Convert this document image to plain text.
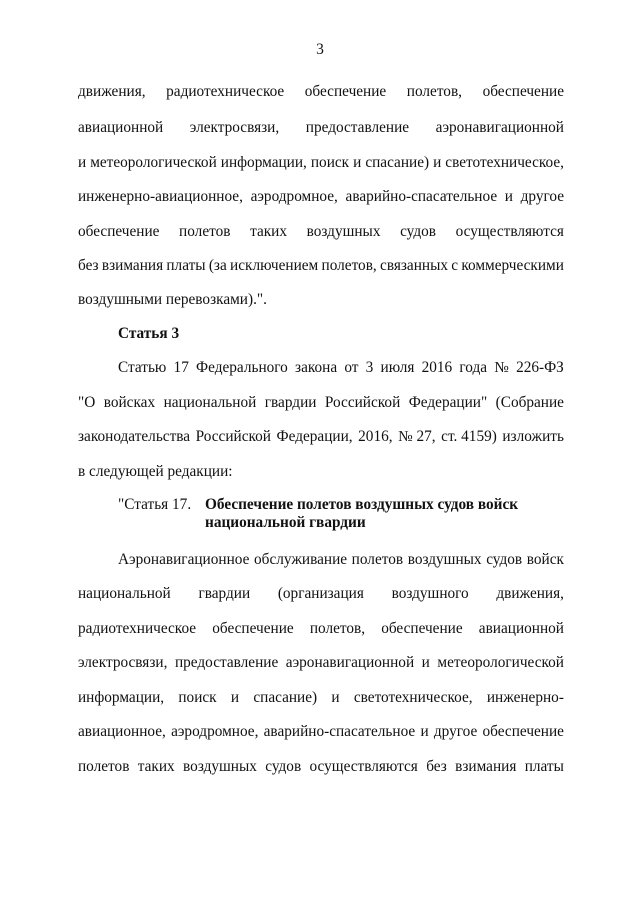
3
движения, радиотехническое обеспечение полетов, обеспечение
авиационной электросвязи, предоставление аэронавигационной
и метеорологической информации, поиск и спасание) и светотехническое,
инженерно-авиационное, аэродромное, аварийно-спасательное и другое
обеспечение полетов таких воздушных судов осуществляются
без взимания платы (за исключением полетов, связанных с коммерческими
воздушными перевозками).".
Статья 3
Статью 17 Федерального закона от 3 июля 2016 года № 226-ФЗ
"О войсках национальной гвардии Российской Федерации" (Собрание
законодательства Российской Федерации, 2016, № 27, ст. 4159) изложить
в следующей редакции:
"Статья 17. Обеспечение полетов воздушных судов войск
национальной гвардии
Аэронавигационное обслуживание полетов воздушных судов войск
национальной гвардии (организация воздушного движения,
радиотехническое обеспечение полетов, обеспечение авиационной
электросвязи, предоставление аэронавигационной и метеорологической
информации, поиск и спасание) и светотехническое, инженерно-
авиационное, аэродромное, аварийно-спасательное и другое обеспечение
полетов таких воздушных судов осуществляются без взимания платы
